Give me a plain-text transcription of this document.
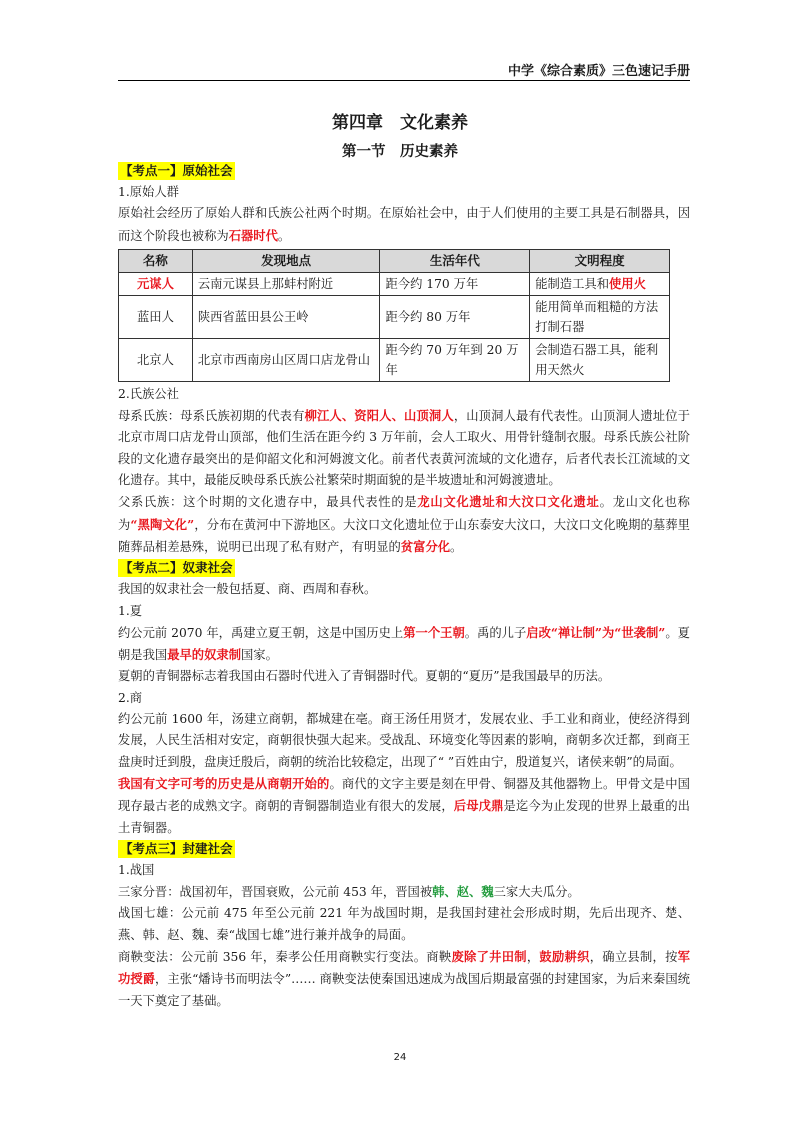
中学《综合素质》三色速记手册
第四章　文化素养
第一节　历史素养
【考点一】原始社会

1.原始人群

原始社会经历了原始人群和氏族公社两个时期。在原始社会中，由于人们使用的主要工具是石制器具，因而这个阶段也被称为石器时代。

名称	发现地点	生活年代	文明程度
元谋人	云南元谋县上那蚌村附近	距今约 170 万年	能制造工具和使用火
蓝田人	陕西省蓝田县公王岭	距今约 80 万年	能用简单而粗糙的方法打制石器
北京人	北京市西南房山区周口店龙骨山	距今约 70 万年到 20 万年	会制造石器工具，能利用天然火

2.氏族公社

母系氏族：母系氏族初期的代表有柳江人、资阳人、山顶洞人，山顶洞人最有代表性。山顶洞人遗址位于北京市周口店龙骨山顶部，他们生活在距今约 3 万年前，会人工取火、用骨针缝制衣服。母系氏族公社阶段的文化遗存最突出的是仰韶文化和河姆渡文化。前者代表黄河流域的文化遗存，后者代表长江流域的文化遗存。其中，最能反映母系氏族公社繁荣时期面貌的是半坡遗址和河姆渡遗址。

父系氏族：这个时期的文化遗存中，最具代表性的是龙山文化遗址和大汶口文化遗址。龙山文化也称为“黑陶文化”，分布在黄河中下游地区。大汶口文化遗址位于山东泰安大汶口，大汶口文化晚期的墓葬里随葬品相差悬殊，说明已出现了私有财产，有明显的贫富分化。

【考点二】奴隶社会

我国的奴隶社会一般包括夏、商、西周和春秋。

1.夏

约公元前 2070 年，禹建立夏王朝，这是中国历史上第一个王朝。禹的儿子启改“禅让制”为“世袭制”。夏朝是我国最早的奴隶制国家。

夏朝的青铜器标志着我国由石器时代进入了青铜器时代。夏朝的“夏历”是我国最早的历法。

2.商

约公元前 1600 年，汤建立商朝，都城建在亳。商王汤任用贤才，发展农业、手工业和商业，使经济得到发展，人民生活相对安定，商朝很快强大起来。受战乱、环境变化等因素的影响，商朝多次迁都，到商王盘庚时迁到殷，盘庚迁殷后，商朝的统治比较稳定，出现了“ ”百姓由宁，殷道复兴，诸侯来朝”的局面。

我国有文字可考的历史是从商朝开始的。商代的文字主要是刻在甲骨、铜器及其他器物上。甲骨文是中国现存最古老的成熟文字。商朝的青铜器制造业有很大的发展，后母戊鼎是迄今为止发现的世界上最重的出土青铜器。

【考点三】封建社会

1.战国

三家分晋：战国初年，晋国衰败，公元前 453 年，晋国被韩、赵、魏三家大夫瓜分。

战国七雄：公元前 475 年至公元前 221 年为战国时期，是我国封建社会形成时期，先后出现齐、楚、燕、韩、赵、魏、秦“战国七雄”进行兼并战争的局面。

商鞅变法：公元前 356 年，秦孝公任用商鞅实行变法。商鞅废除了井田制，鼓励耕织，确立县制，按军功授爵，主张“燔诗书而明法令”…… 商鞅变法使秦国迅速成为战国后期最富强的封建国家，为后来秦国统一天下奠定了基础。

24
